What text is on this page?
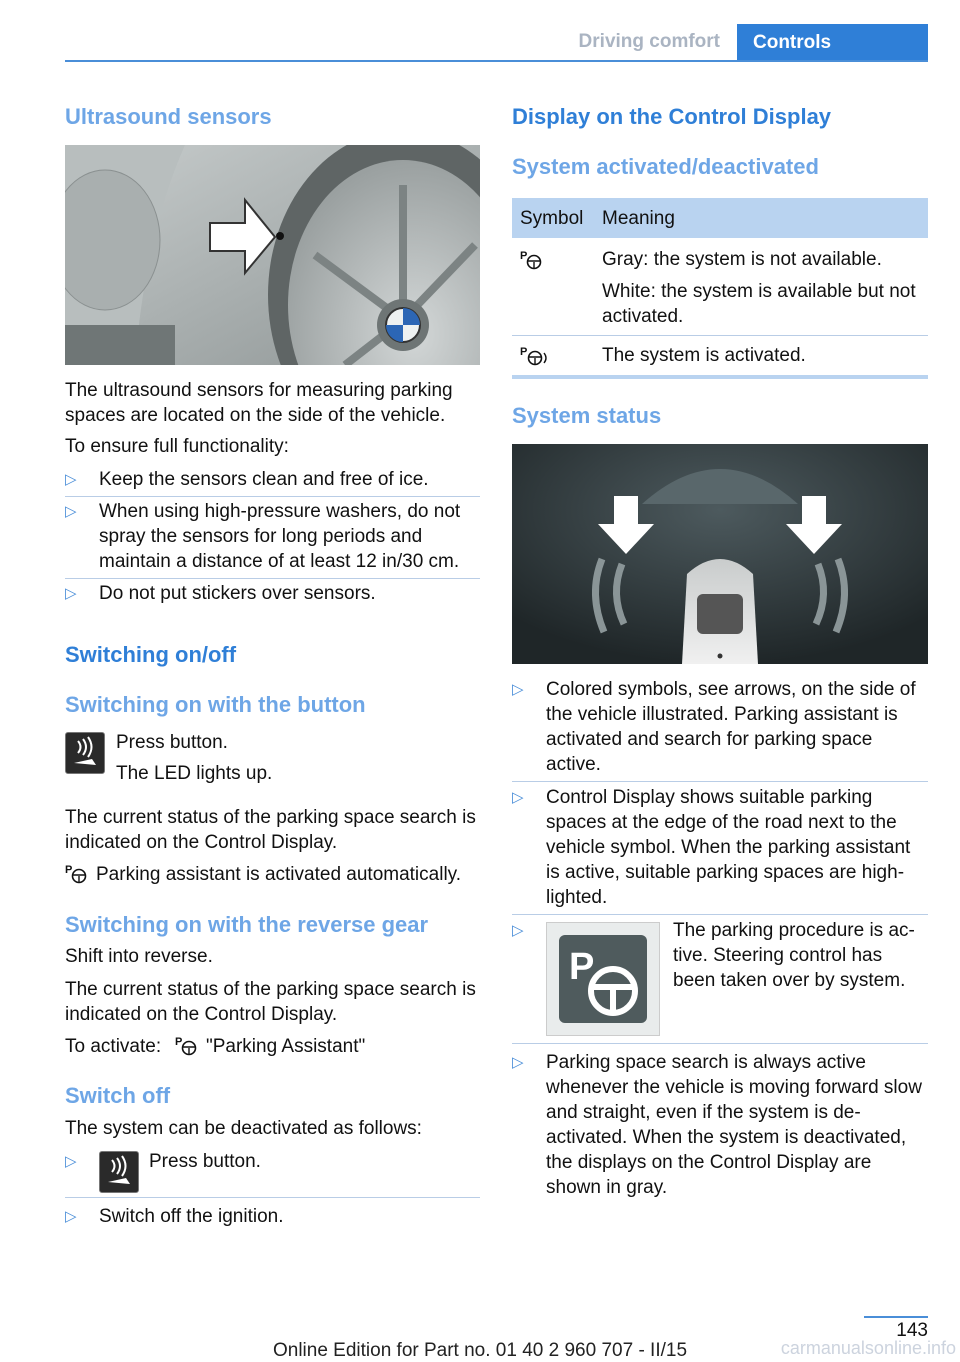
Driving comfort	Controls
Ultrasound sensors

The ultrasound sensors for measuring parking spaces are located on the side of the vehicle.

To ensure full functionality:

▷ Keep the sensors clean and free of ice.
▷ When using high-pressure washers, do not spray the sensors for long periods and maintain a distance of at least 12 in/30 cm.
▷ Do not put stickers over sensors.
Switching on/off
Switching on with the button

Press button.

The LED lights up.

The current status of the parking space search is indicated on the Control Display.

P Parking assistant is activated automatically.

Switching on with the reverse gear

Shift into reverse.

The current status of the parking space search is indicated on the Control Display.

To activate: P "Parking Assistant"

Switch off

The system can be deactivated as follows:

▷	Press button.
▷ Switch off the ignition.
Display on the Control Display
System activated/deactivated

Symbol Meaning

P	Gray: the system is not available.

White: the system is available but not activated.

P	The system is activated.

System status
▷ Colored symbols, see arrows, on the side of the vehicle illustrated. Parking assistant is activated and search for parking space active.
▷ Control Display shows suitable parking spaces at the edge of the road next to the vehicle symbol. When the parking assistant is active, suitable parking spaces are high‐lighted.
▷
P
The parking procedure is ac‐tive. Steering control has been taken over by system.
▷ Parking space search is always active whenever the vehicle is moving forward slow and straight, even if the system is de‐activated. When the system is deactivated, the displays on the Control Display are shown in gray.
143
Online Edition for Part no. 01 40 2 960 707 - II/15	carmanualsonline.info
